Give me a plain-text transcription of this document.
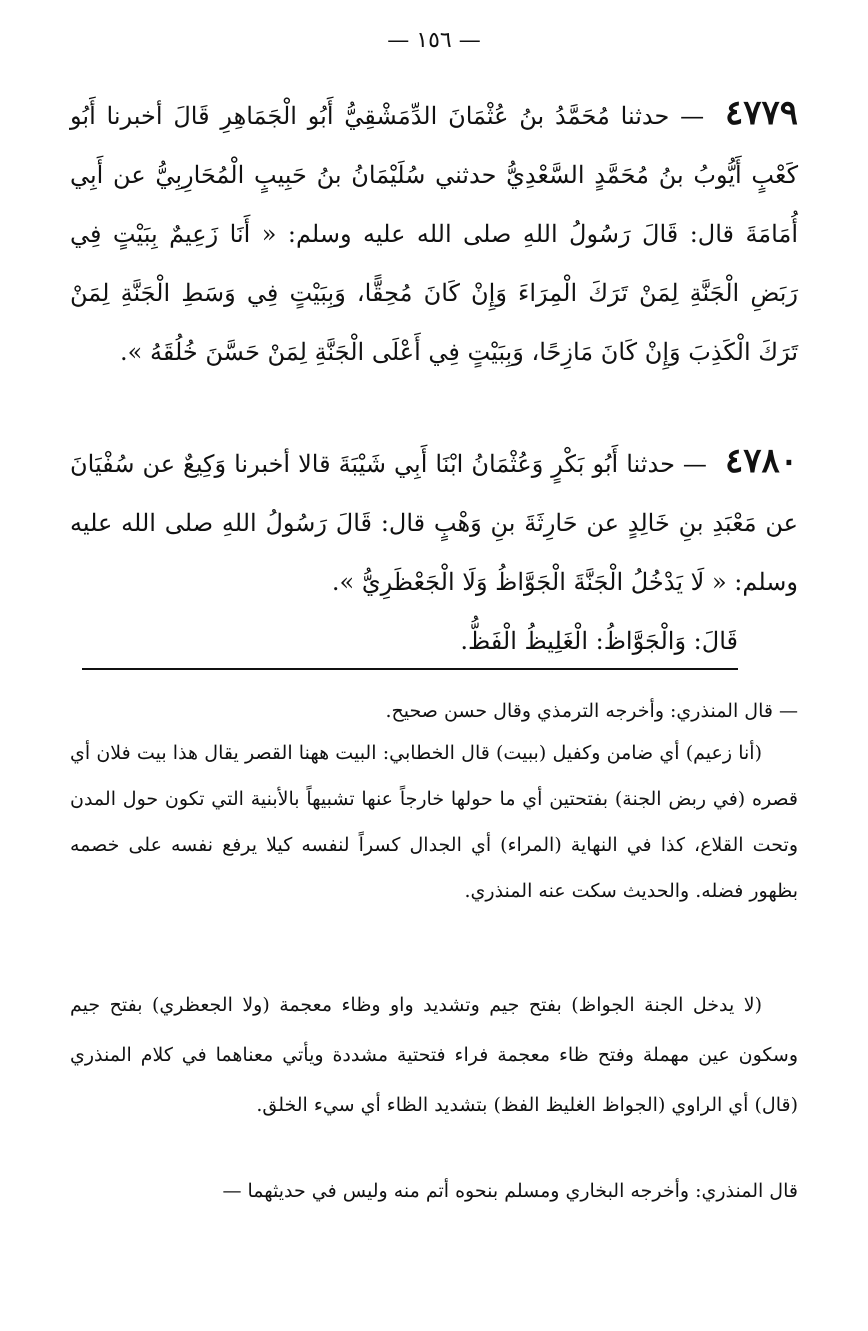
— ١٥٦ —
٤٧٧٩ — حدثنا مُحَمَّدُ بنُ عُثْمَانَ الدِّمَشْقِيُّ أَبُو الْجَمَاهِرِ قَالَ أخبرنا أَبُو كَعْبٍ أَيُّوبُ بنُ مُحَمَّدٍ السَّعْدِيُّ حدثني سُلَيْمَانُ بنُ حَبِيبٍ الْمُحَارِبِيُّ عن أَبِي أُمَامَةَ قال: قَالَ رَسُولُ اللهِ صلى الله عليه وسلم: « أَنَا زَعِيمٌ بِبَيْتٍ فِي رَبَضِ الْجَنَّةِ لِمَنْ تَرَكَ الْمِرَاءَ وَإِنْ كَانَ مُحِقًّا، وَبِبَيْتٍ فِي وَسَطِ الْجَنَّةِ لِمَنْ تَرَكَ الْكَذِبَ وَإِنْ كَانَ مَازِحًا، وَبِبَيْتٍ فِي أَعْلَى الْجَنَّةِ لِمَنْ حَسَّنَ خُلُقَهُ ».
٤٧٨٠ — حدثنا أَبُو بَكْرٍ وَعُثْمَانُ ابْنَا أَبِي شَيْبَةَ قالا أخبرنا وَكِيعٌ عن سُفْيَانَ عن مَعْبَدِ بنِ خَالِدٍ عن حَارِثَةَ بنِ وَهْبٍ قال: قَالَ رَسُولُ اللهِ صلى الله عليه وسلم: « لَا يَدْخُلُ الْجَنَّةَ الْجَوَّاظُ وَلَا الْجَعْظَرِيُّ ».
قَالَ: وَالْجَوَّاظُ: الْغَلِيظُ الْفَظُّ.
— قال المنذري: وأخرجه الترمذي وقال حسن صحيح.
(أنا زعيم) أي ضامن وكفيل (ببيت) قال الخطابي: البيت ههنا القصر يقال هذا بيت فلان أي قصره (في ربض الجنة) بفتحتين أي ما حولها خارجاً عنها تشبيهاً بالأبنية التي تكون حول المدن وتحت القلاع، كذا في النهاية (المراء) أي الجدال كسراً لنفسه كيلا يرفع نفسه على خصمه بظهور فضله. والحديث سكت عنه المنذري.
(لا يدخل الجنة الجواظ) بفتح جيم وتشديد واو وظاء معجمة (ولا الجعظري) بفتح جيم وسكون عين مهملة وفتح ظاء معجمة فراء فتحتية مشددة ويأتي معناهما في كلام المنذري (قال) أي الراوي (الجواظ الغليظ الفظ) بتشديد الظاء أي سيء الخلق.
قال المنذري: وأخرجه البخاري ومسلم بنحوه أتم منه وليس في حديثهما —
